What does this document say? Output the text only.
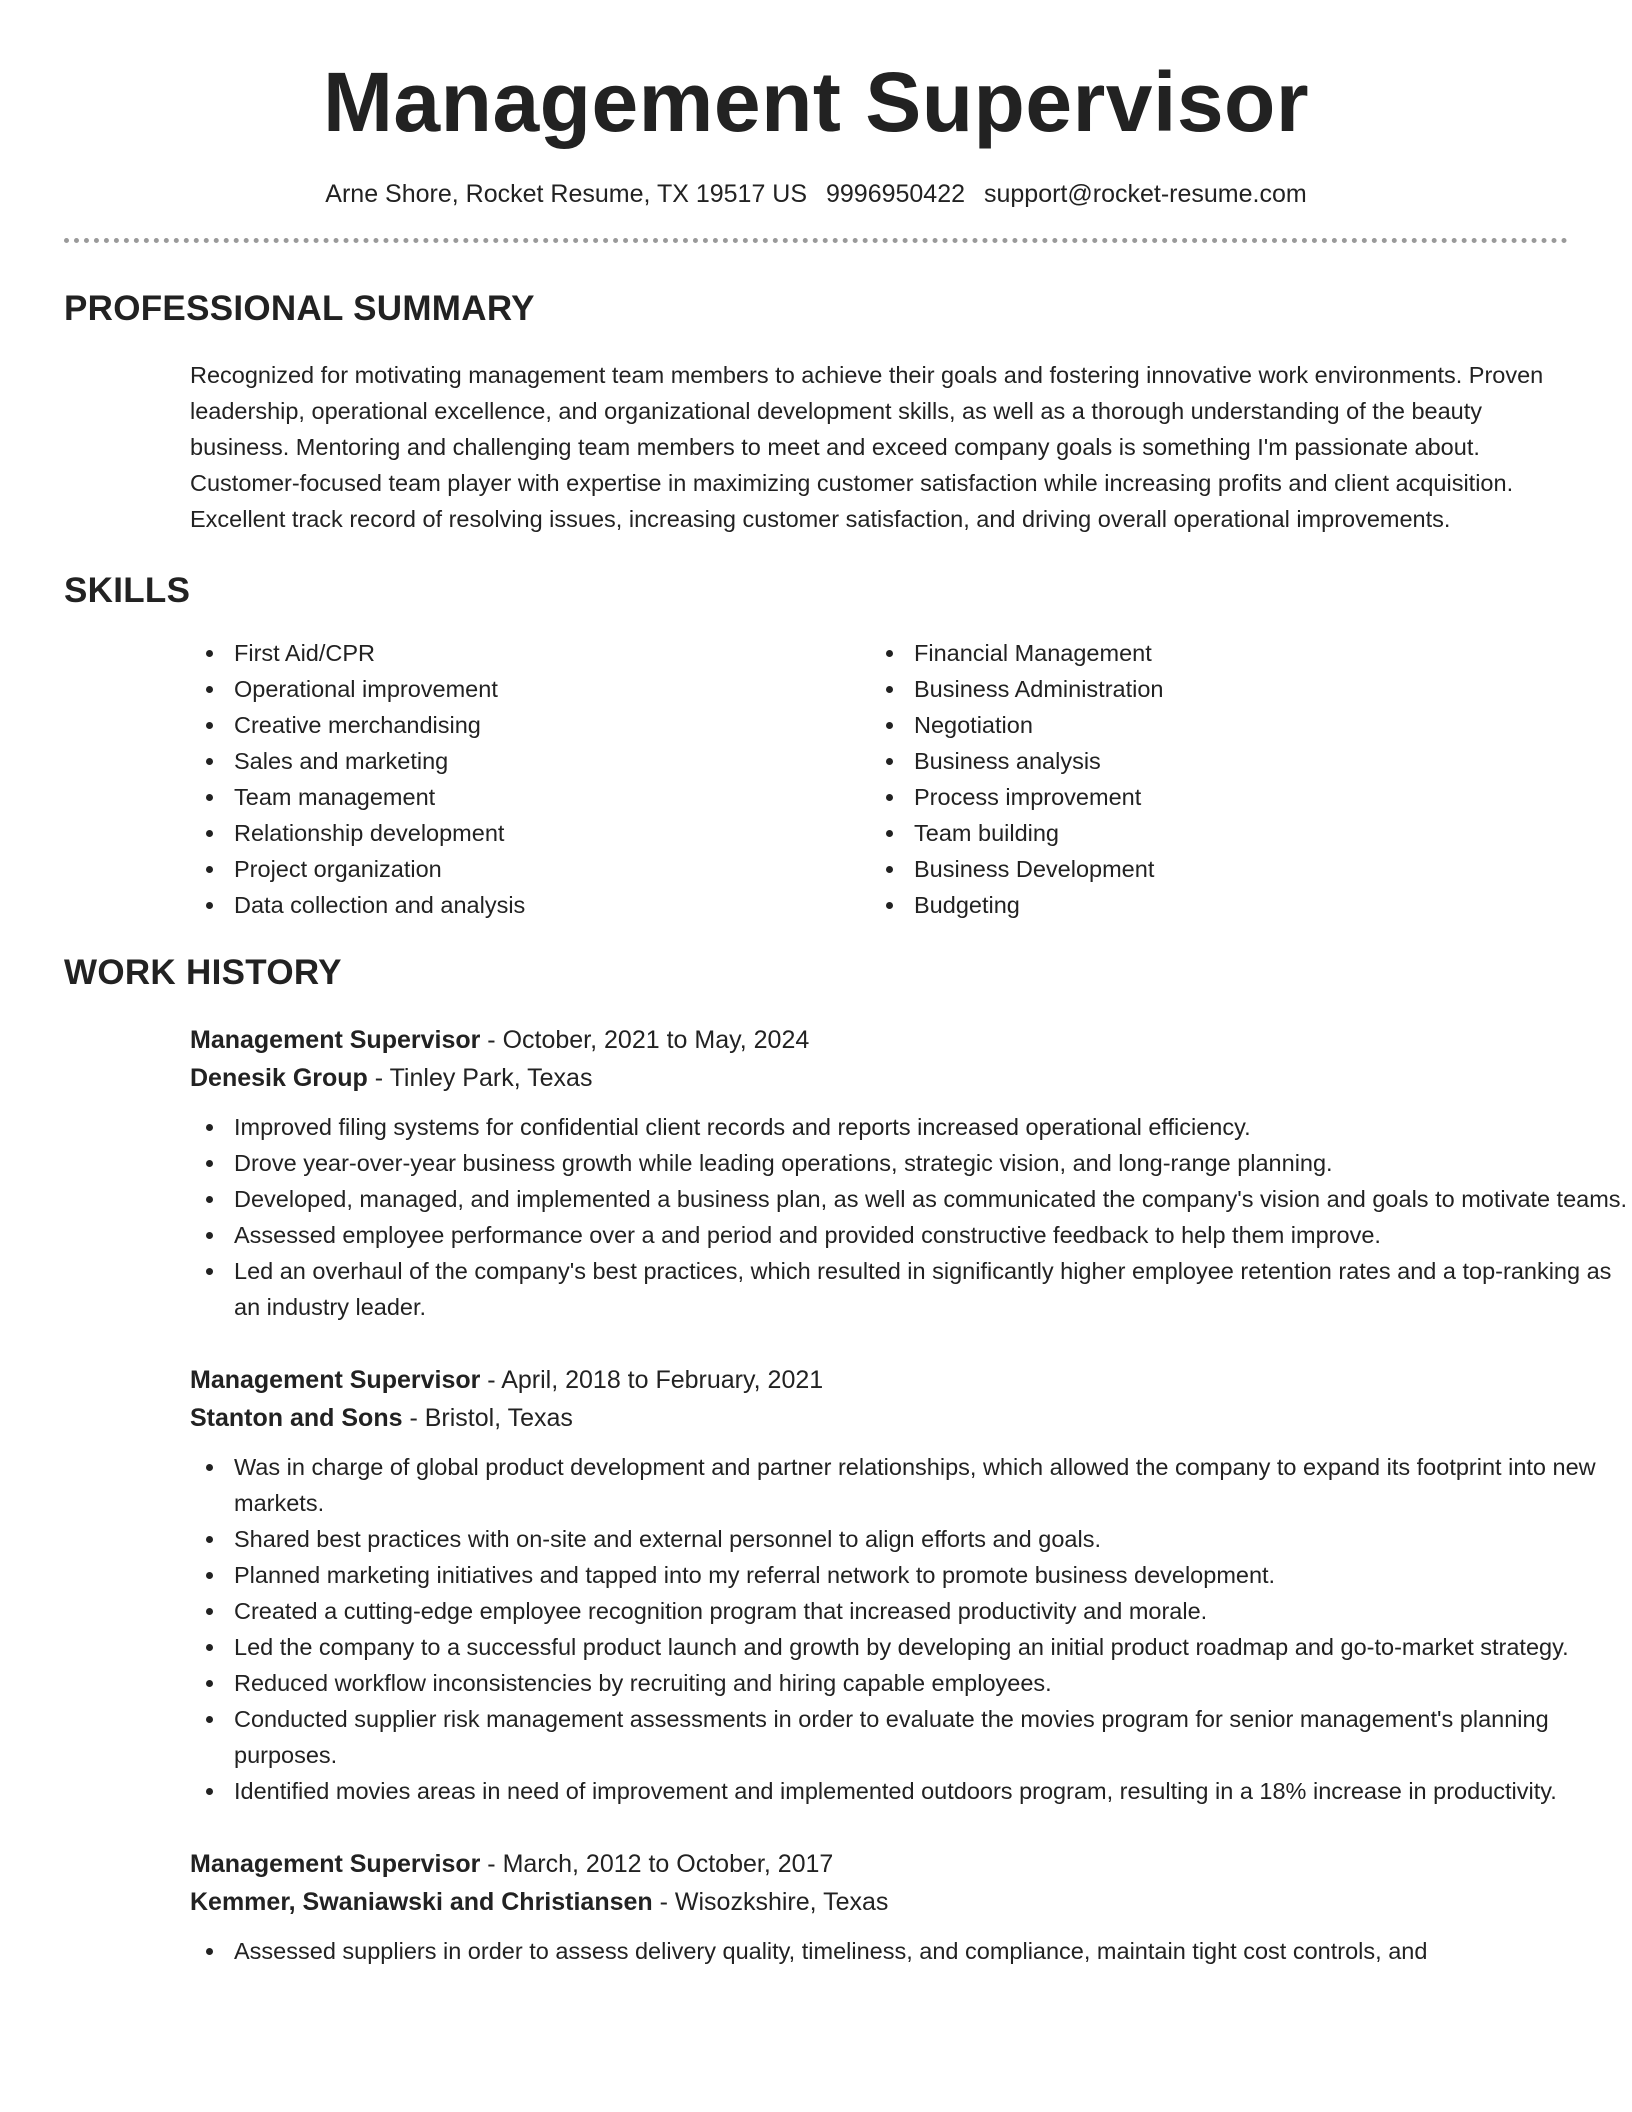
Management Supervisor
Arne Shore, Rocket Resume, TX 19517 US 9996950422 support@rocket-resume.com
PROFESSIONAL SUMMARY

Recognized for motivating management team members to achieve their goals and fostering innovative work environments. Proven leadership, operational excellence, and organizational development skills, as well as a thorough understanding of the beauty business. Mentoring and challenging team members to meet and exceed company goals is something I'm passionate about. Customer-focused team player with expertise in maximizing customer satisfaction while increasing profits and client acquisition. Excellent track record of resolving issues, increasing customer satisfaction, and driving overall operational improvements.

SKILLS
First Aid/CPR
Operational improvement
Creative merchandising
Sales and marketing
Team management
Relationship development
Project organization
Data collection and analysis
Financial Management
Business Administration
Negotiation
Business analysis
Process improvement
Team building
Business Development
Budgeting
WORK HISTORY
Management Supervisor - October, 2021 to May, 2024
Denesik Group - Tinley Park, Texas
Improved filing systems for confidential client records and reports increased operational efficiency.
Drove year-over-year business growth while leading operations, strategic vision, and long-range planning.
Developed, managed, and implemented a business plan, as well as communicated the company's vision and goals to motivate teams.
Assessed employee performance over a and period and provided constructive feedback to help them improve.
Led an overhaul of the company's best practices, which resulted in significantly higher employee retention rates and a top-ranking as an industry leader.
Management Supervisor - April, 2018 to February, 2021
Stanton and Sons - Bristol, Texas
Was in charge of global product development and partner relationships, which allowed the company to expand its footprint into new markets.
Shared best practices with on-site and external personnel to align efforts and goals.
Planned marketing initiatives and tapped into my referral network to promote business development.
Created a cutting-edge employee recognition program that increased productivity and morale.
Led the company to a successful product launch and growth by developing an initial product roadmap and go-to-market strategy.
Reduced workflow inconsistencies by recruiting and hiring capable employees.
Conducted supplier risk management assessments in order to evaluate the movies program for senior management's planning purposes.
Identified movies areas in need of improvement and implemented outdoors program, resulting in a 18% increase in productivity.
Management Supervisor - March, 2012 to October, 2017
Kemmer, Swaniawski and Christiansen - Wisozkshire, Texas
Assessed suppliers in order to assess delivery quality, timeliness, and compliance, maintain tight cost controls, and
